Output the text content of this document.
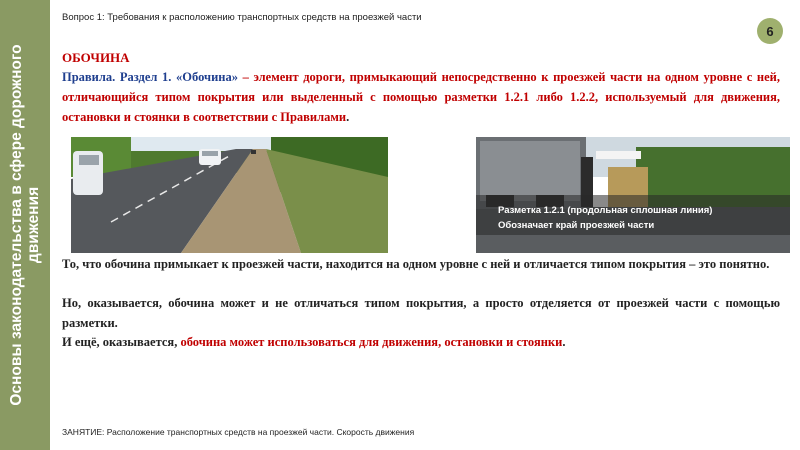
Основы законодательства в сфере дорожного движения
Вопрос 1: Требования к расположению транспортных средств на проезжей части
6
ОБОЧИНА
Правила. Раздел 1. «Обочина» – элемент дороги, примыкающий непосредственно к проезжей части на одном уровне с ней, отличающийся типом покрытия или выделенный с помощью разметки 1.2.1 либо 1.2.2, используемый для движения, остановки и стоянки в соответствии с Правилами.
Разметка 1.2.1 (продольная сплошная линия)
Обозначает край проезжей части
То, что обочина примыкает к проезжей части, находится на одном уровне с ней и отличается типом покрытия – это понятно.
Но, оказывается, обочина может и не отличаться типом покрытия, а просто отделяется от проезжей части с помощью разметки.
И ещё, оказывается, обочина может использоваться для движения, остановки и стоянки.
ЗАНЯТИЕ: Расположение транспортных средств на проезжей части. Скорость движения
